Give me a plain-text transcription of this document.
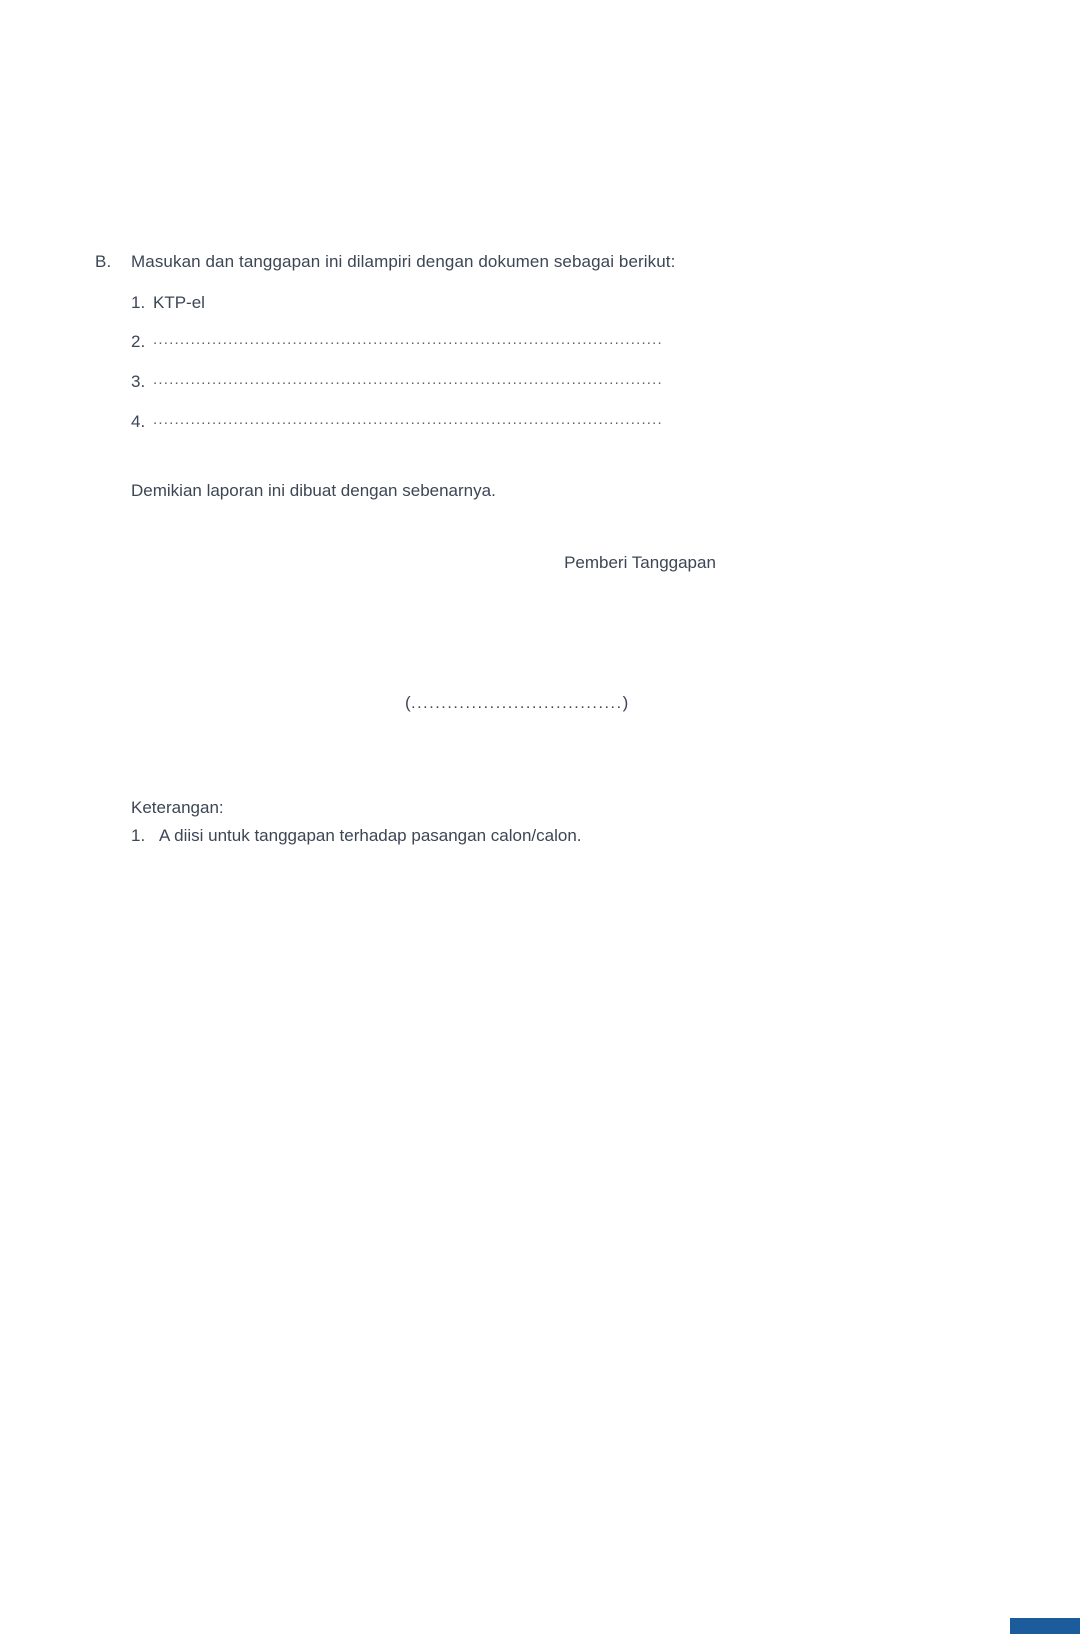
B.	Masukan dan tanggapan ini dilampiri dengan dokumen sebagai berikut:
1. KTP-el
2. ...............................................................................................
3. ...............................................................................................
4. ...............................................................................................
Demikian laporan ini dibuat dengan sebenarnya.
Pemberi Tanggapan
(...................................)
Keterangan:
1. A diisi untuk tanggapan terhadap pasangan calon/calon.
